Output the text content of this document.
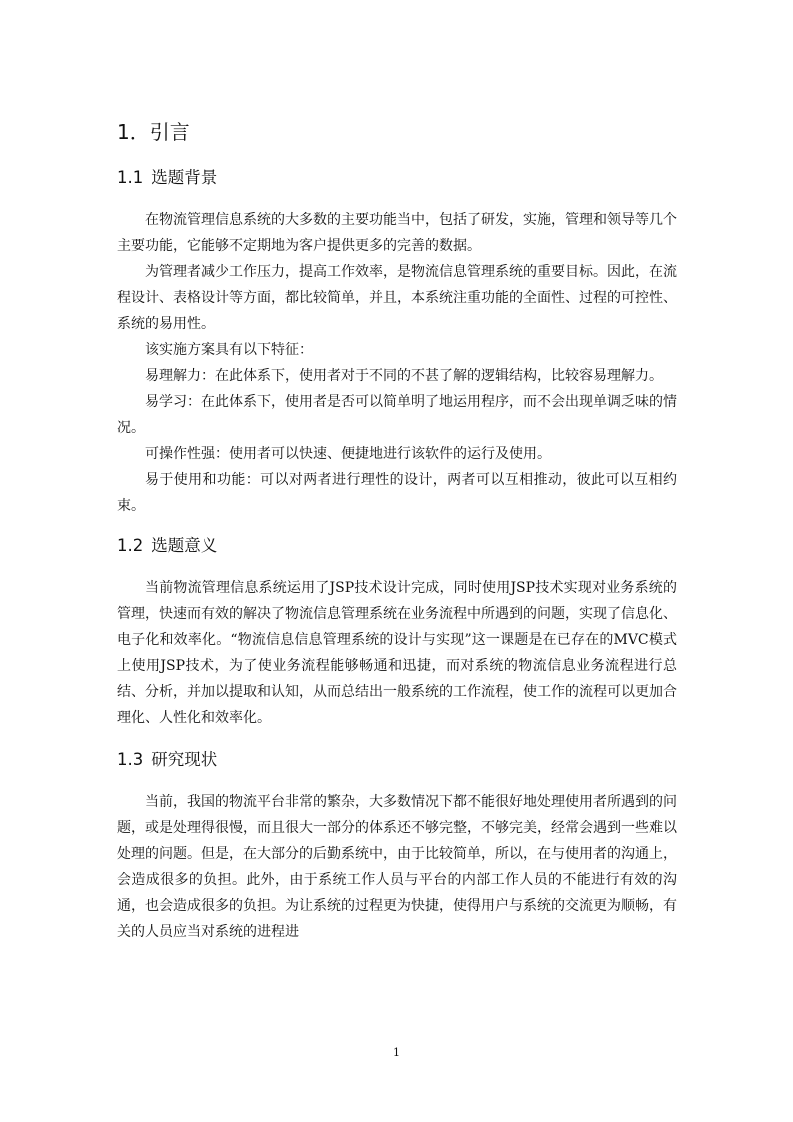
1．引言
1.1 选题背景

在物流管理信息系统的大多数的主要功能当中，包括了研发，实施，管理和领导等几个主要功能，它能够不定期地为客户提供更多的完善的数据。

为管理者减少工作压力，提高工作效率，是物流信息管理系统的重要目标。因此，在流程设计、表格设计等方面，都比较简单，并且，本系统注重功能的全面性、过程的可控性、系统的易用性。

该实施方案具有以下特征：

易理解力：在此体系下，使用者对于不同的不甚了解的逻辑结构，比较容易理解力。

易学习：在此体系下，使用者是否可以简单明了地运用程序，而不会出现单调乏味的情况。

可操作性强：使用者可以快速、便捷地进行该软件的运行及使用。

易于使用和功能：可以对两者进行理性的设计，两者可以互相推动，彼此可以互相约束。

1.2 选题意义

当前物流管理信息系统运用了JSP技术设计完成，同时使用JSP技术实现对业务系统的管理，快速而有效的解决了物流信息管理系统在业务流程中所遇到的问题，实现了信息化、电子化和效率化。“物流信息信息管理系统的设计与实现”这一课题是在已存在的MVC模式上使用JSP技术，为了使业务流程能够畅通和迅捷，而对系统的物流信息业务流程进行总结、分析，并加以提取和认知，从而总结出一般系统的工作流程，使工作的流程可以更加合理化、人性化和效率化。

1.3 研究现状

当前，我国的物流平台非常的繁杂，大多数情况下都不能很好地处理使用者所遇到的问题，或是处理得很慢，而且很大一部分的体系还不够完整，不够完美，经常会遇到一些难以处理的问题。但是，在大部分的后勤系统中，由于比较简单，所以，在与使用者的沟通上，会造成很多的负担。此外，由于系统工作人员与平台的内部工作人员的不能进行有效的沟通，也会造成很多的负担。为让系统的过程更为快捷，使得用户与系统的交流更为顺畅，有关的人员应当对系统的进程进

1
